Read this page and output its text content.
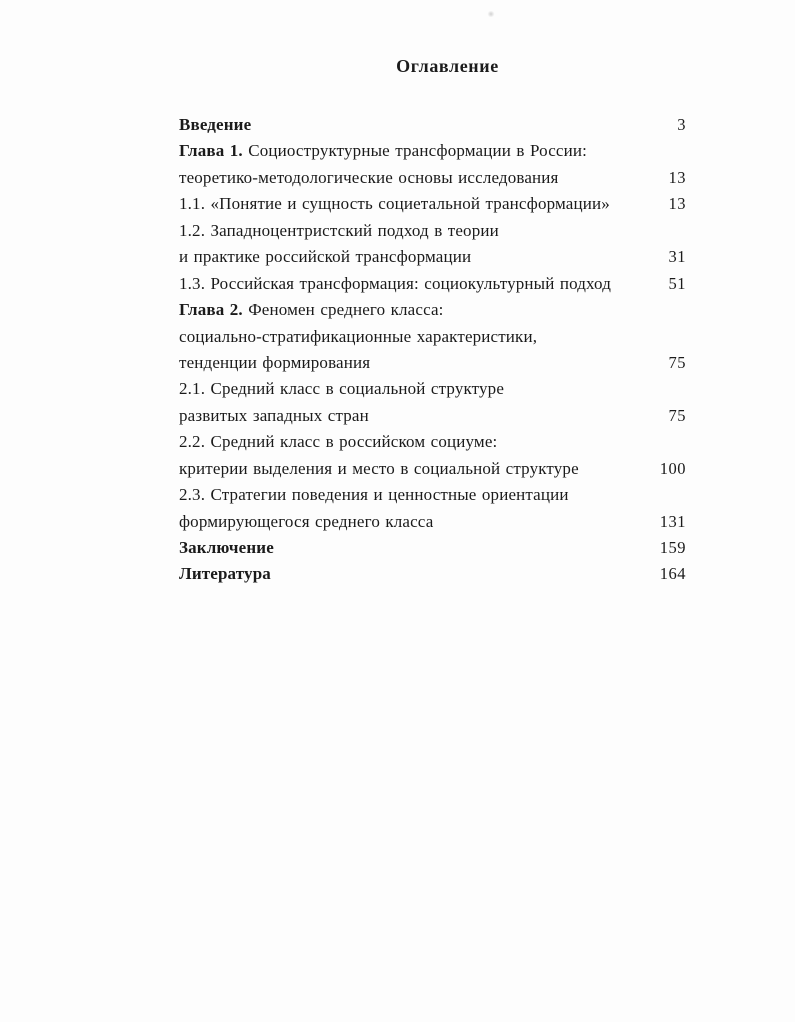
Оглавление
Введение	3
Глава 1. Социоструктурные трансформации в России:
теоретико-методологические основы исследования	13
1.1. «Понятие и сущность социетальной трансформации»	13
1.2. Западноцентристский подход в теории
и практике российской трансформации	31
1.3. Российская трансформация: социокультурный подход	51
Глава 2. Феномен среднего класса:
социально-стратификационные характеристики,
тенденции формирования	75
2.1. Средний класс в социальной структуре
развитых западных стран	75
2.2. Средний класс в российском социуме:
критерии выделения и место в социальной структуре	100
2.3. Стратегии поведения и ценностные ориентации
формирующегося среднего класса	131
Заключение	159
Литература	164
